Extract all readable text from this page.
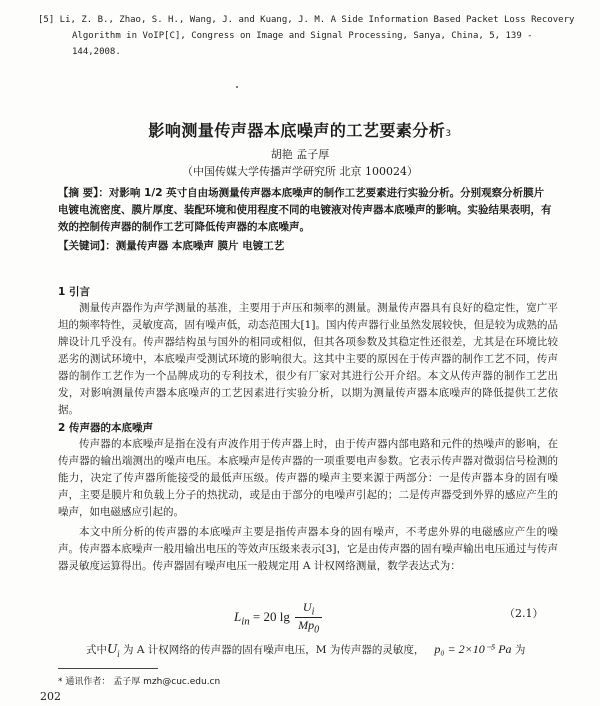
[5] Li, Z. B., Zhao, S. H., Wang, J. and Kuang, J. M. A Side Information Based Packet Loss Recovery
Algorithm in VoIP[C], Congress on Image and Signal Processing, Sanya, China, 5, 139 - 144,2008.
影响测量传声器本底噪声的工艺要素分析3
胡艳 孟子厚
（中国传媒大学传播声学研究所 北京 100024）
【摘 要】：对影响 1/2 英寸自由场测量传声器本底噪声的制作工艺要素进行实验分析。分别观察分析膜片电镀电流密度、膜片厚度、装配环境和使用程度不同的电镀液对传声器本底噪声的影响。实验结果表明，有效的控制传声器的制作工艺可降低传声器的本底噪声。
【关键词】：测量传声器 本底噪声 膜片 电镀工艺
1 引言
测量传声器作为声学测量的基准，主要用于声压和频率的测量。测量传声器具有良好的稳定性，宽广平坦的频率特性，灵敏度高，固有噪声低，动态范围大[1]。国内传声器行业虽然发展较快，但是较为成熟的品牌设计几乎没有。传声器结构虽与国外的相同或相似，但其各项参数及其稳定性还很差，尤其是在环境比较恶劣的测试环境中，本底噪声受测试环境的影响很大。这其中主要的原因在于传声器的制作工艺不同，传声器的制作工艺作为一个品牌成功的专利技术，很少有厂家对其进行公开介绍。本文从传声器的制作工艺出发，对影响测量传声器本底噪声的工艺因素进行实验分析，以期为测量传声器本底噪声的降低提供工艺依据。
2 传声器的本底噪声
传声器的本底噪声是指在没有声波作用于传声器上时，由于传声器内部电路和元件的热噪声的影响，在传声器的输出端测出的噪声电压。本底噪声是传声器的一项重要电声参数。它表示传声器对微弱信号检测的能力，决定了传声器所能接受的最低声压级。传声器的噪声主要来源于两部分：一是传声器本身的固有噪声，主要是膜片和负载上分子的热扰动，或是由于部分的电噪声引起的；二是传声器受到外界的感应产生的噪声，如电磁感应引起的。
本文中所分析的传声器的本底噪声主要是指传声器本身的固有噪声，不考虑外界的电磁感应产生的噪声。传声器本底噪声一般用输出电压的等效声压级来表示[3]，它是由传声器的固有噪声输出电压通过与传声器灵敏度运算得出。传声器固有噪声电压一般规定用 A 计权网络测量，数学表达式为：
$L_{in} = 20$ $\lg \frac{U_i}{Mp_0}$	（2.1）
式中$U_i$ 为 A 计权网络的传声器的固有噪声电压，M 为传声器的灵敏度， p₀ = 2×10⁻⁵ Pa 为
* 通讯作者： 孟子厚 mzh@cuc.edu.cn
202
